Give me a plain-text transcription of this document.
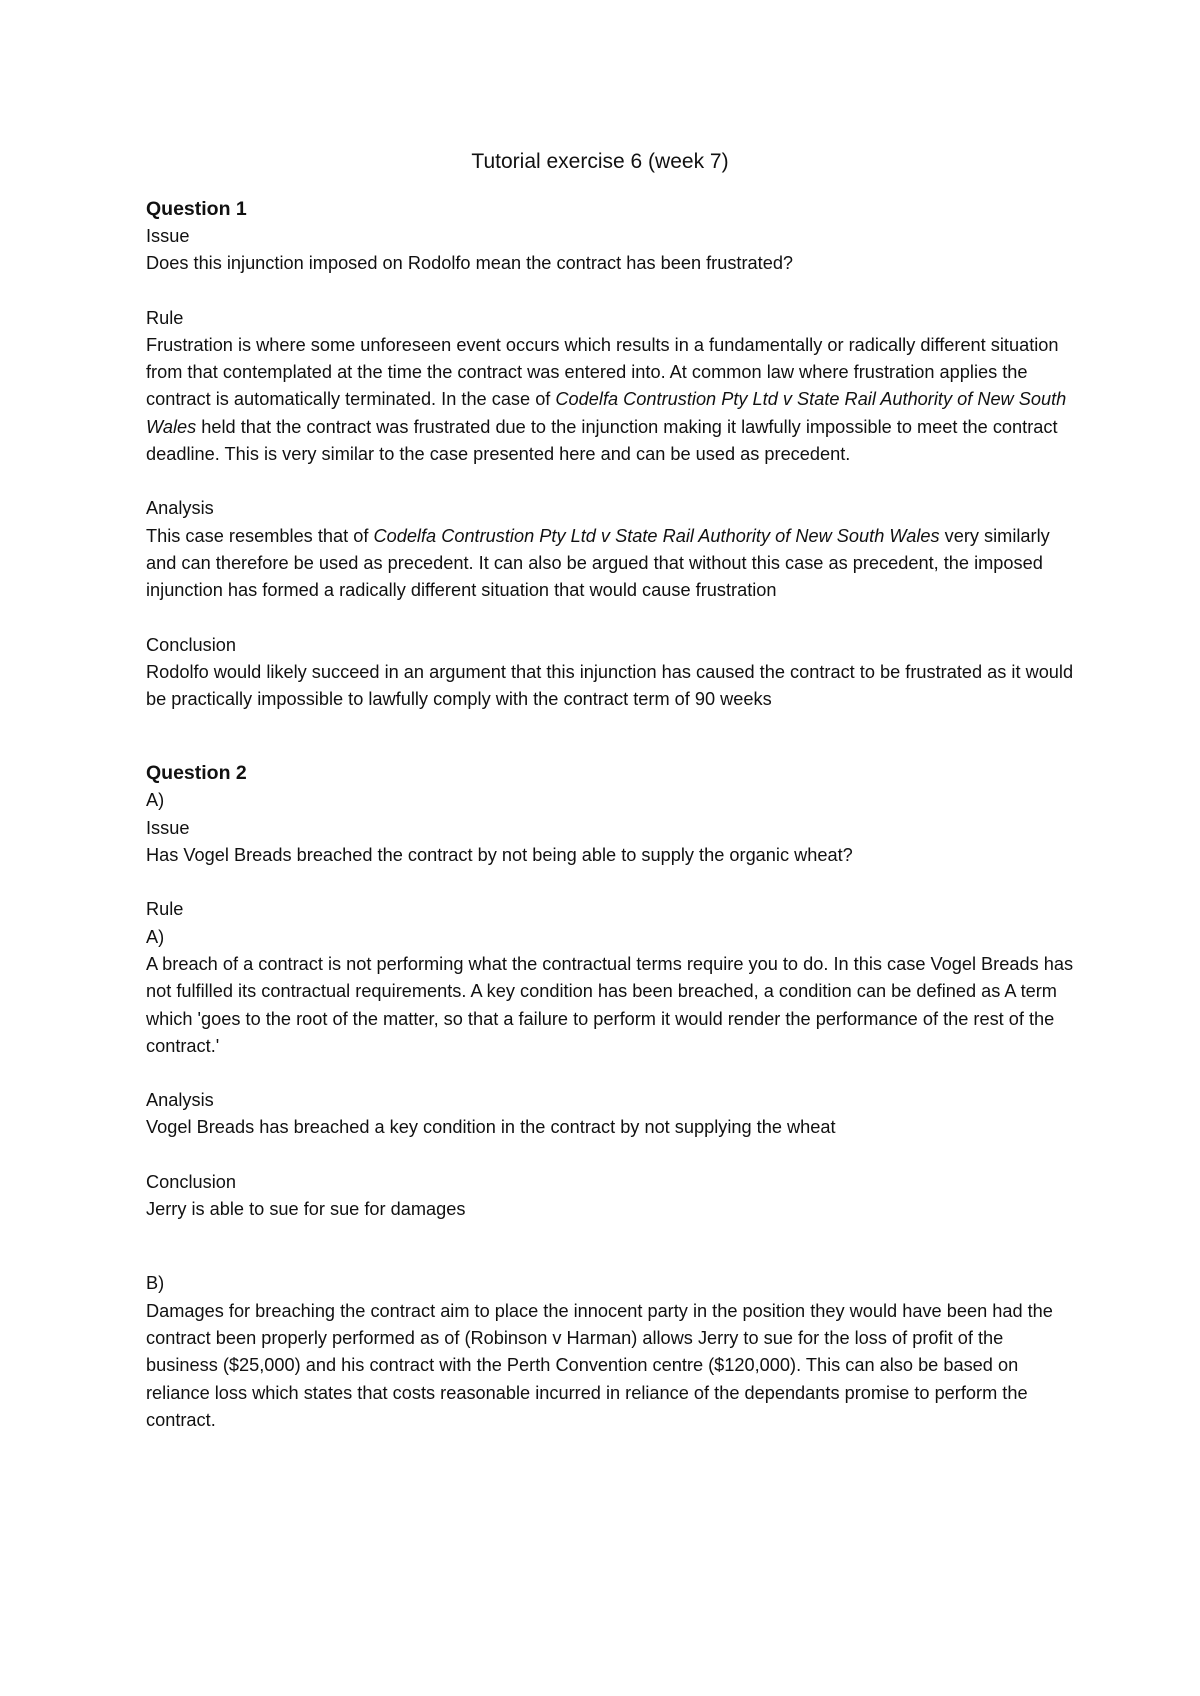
Tutorial exercise 6 (week 7)

Question 1

Issue

Does this injunction imposed on Rodolfo mean the contract has been frustrated?

Rule

Frustration is where some unforeseen event occurs which results in a fundamentally or radically different situation from that contemplated at the time the contract was entered into. At common law where frustration applies the contract is automatically terminated. In the case of Codelfa Contrustion Pty Ltd v State Rail Authority of New South Wales held that the contract was frustrated due to the injunction making it lawfully impossible to meet the contract deadline. This is very similar to the case presented here and can be used as precedent.

Analysis

This case resembles that of Codelfa Contrustion Pty Ltd v State Rail Authority of New South Wales very similarly and can therefore be used as precedent. It can also be argued that without this case as precedent, the imposed injunction has formed a radically different situation that would cause frustration

Conclusion

Rodolfo would likely succeed in an argument that this injunction has caused the contract to be frustrated as it would be practically impossible to lawfully comply with the contract term of 90 weeks

Question 2

A)

Issue

Has Vogel Breads breached the contract by not being able to supply the organic wheat?

Rule

A)

A breach of a contract is not performing what the contractual terms require you to do. In this case Vogel Breads has not fulfilled its contractual requirements. A key condition has been breached, a condition can be defined as A term which 'goes to the root of the matter, so that a failure to perform it would render the performance of the rest of the contract.'

Analysis

Vogel Breads has breached a key condition in the contract by not supplying the wheat

Conclusion

Jerry is able to sue for sue for damages

B)

Damages for breaching the contract aim to place the innocent party in the position they would have been had the contract been properly performed as of (Robinson v Harman) allows Jerry to sue for the loss of profit of the business ($25,000) and his contract with the Perth Convention centre ($120,000). This can also be based on reliance loss which states that costs reasonable incurred in reliance of the dependants promise to perform the contract.
